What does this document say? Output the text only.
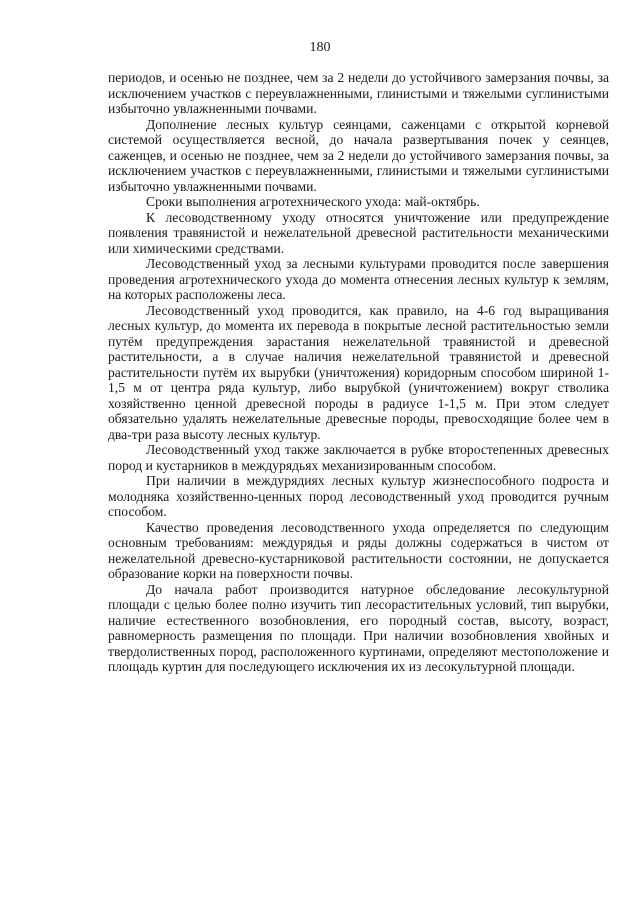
180

периодов, и осенью не позднее, чем за 2 недели до устойчивого замерзания почвы, за исключением участков с переувлажненными, глинистыми и тяжелыми суглинистыми избыточно увлажненными почвами.

Дополнение лесных культур сеянцами, саженцами с открытой корневой системой осуществляется весной, до начала развертывания почек у сеянцев, саженцев, и осенью не позднее, чем за 2 недели до устойчивого замерзания почвы, за исключением участков с переувлажненными, глинистыми и тяжелыми суглинистыми избыточно увлажненными почвами.

Сроки выполнения агротехнического ухода: май-октябрь.

К лесоводственному уходу относятся уничтожение или предупреждение появления травянистой и нежелательной древесной растительности механическими или химическими средствами.

Лесоводственный уход за лесными культурами проводится после завершения проведения агротехнического ухода до момента отнесения лесных культур к землям, на которых расположены леса.

Лесоводственный уход проводится, как правило, на 4-6 год выращивания лесных культур, до момента их перевода в покрытые лесной растительностью земли путём предупреждения зарастания нежелательной травянистой и древесной растительности, а в случае наличия нежелательной травянистой и древесной растительности путём их вырубки (уничтожения) коридорным способом шириной 1-1,5 м от центра ряда культур, либо вырубкой (уничтожением) вокруг стволика хозяйственно ценной древесной породы в радиусе 1-1,5 м. При этом следует обязательно удалять нежелательные древесные породы, превосходящие более чем в два-три раза высоту лесных культур.

Лесоводственный уход также заключается в рубке второстепенных древесных пород и кустарников в междурядьях механизированным способом.

При наличии в междурядиях лесных культур жизнеспособного подроста и молодняка хозяйственно-ценных пород лесоводственный уход проводится ручным способом.

Качество проведения лесоводственного ухода определяется по следующим основным требованиям: междурядья и ряды должны содержаться в чистом от нежелательной древесно-кустарниковой растительности состоянии, не допускается образование корки на поверхности почвы.

До начала работ производится натурное обследование лесокультурной площади с целью более полно изучить тип лесорастительных условий, тип вырубки, наличие естественного возобновления, его породный состав, высоту, возраст, равномерность размещения по площади. При наличии возобновления хвойных и твердолиственных пород, расположенного куртинами, определяют местоположение и площадь куртин для последующего исключения их из лесокультурной площади.
